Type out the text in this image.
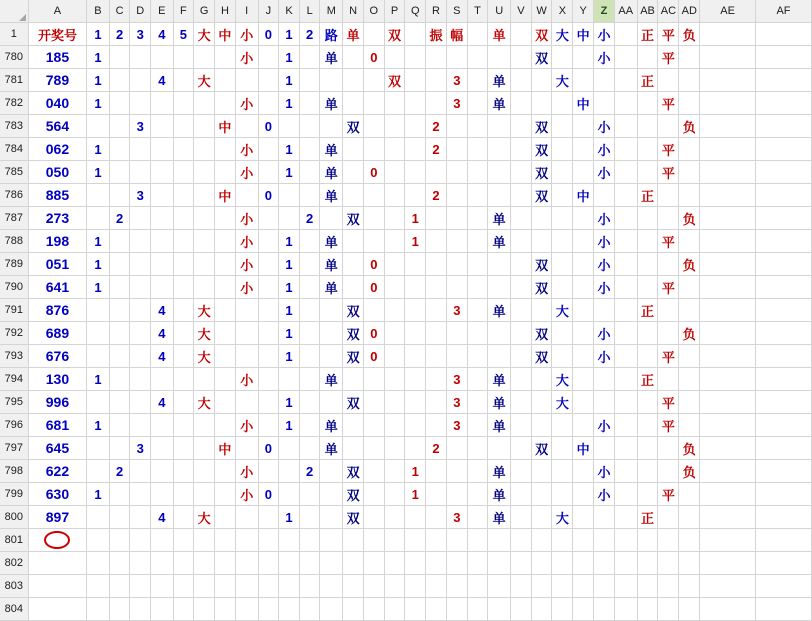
	A	B	C	D	E	F	G	H	I	J	K	L	M	N	O	P	Q	R	S	T	U	V	W	X	Y	Z	AA	AB	AC	AD	AE	AF
1	开奖号	1	2	3	4	5	大	中	小	0	1	2	路	单		双		振	幅		单		双	大	中	小		正	平	负		
780	185	1							小		1		单		0								双			小			平			
781	789	1			4		大				1					双			3		单			大				正				
782	040	1							小		1		单						3		单				中				平			
783	564			3				中		0				双				2					双			小				负		
784	062	1							小		1		单					2					双			小			平			
785	050	1							小		1		单		0								双			小			平			
786	885			3				中		0			单					2					双		中			正				
787	273		2						小			2		双			1				单					小				负		
788	198	1							小		1		单				1				单					小			平			
789	051	1							小		1		单		0								双			小				负		
790	641	1							小		1		单		0								双			小			平			
791	876				4		大				1			双					3		单			大				正				
792	689				4		大				1			双	0								双			小				负		
793	676				4		大				1			双	0								双			小			平			
794	130	1							小				单						3		单			大				正				
795	996				4		大				1			双					3		单			大					平			
796	681	1							小		1		单						3		单					小			平			
797	645			3				中		0			单					2					双		中					负		
798	622		2						小			2		双			1				单					小				负		
799	630	1							小	0				双			1				单					小			平			
800	897				4		大				1			双					3		单			大				正				
801	

802																																
803																																
804																																
